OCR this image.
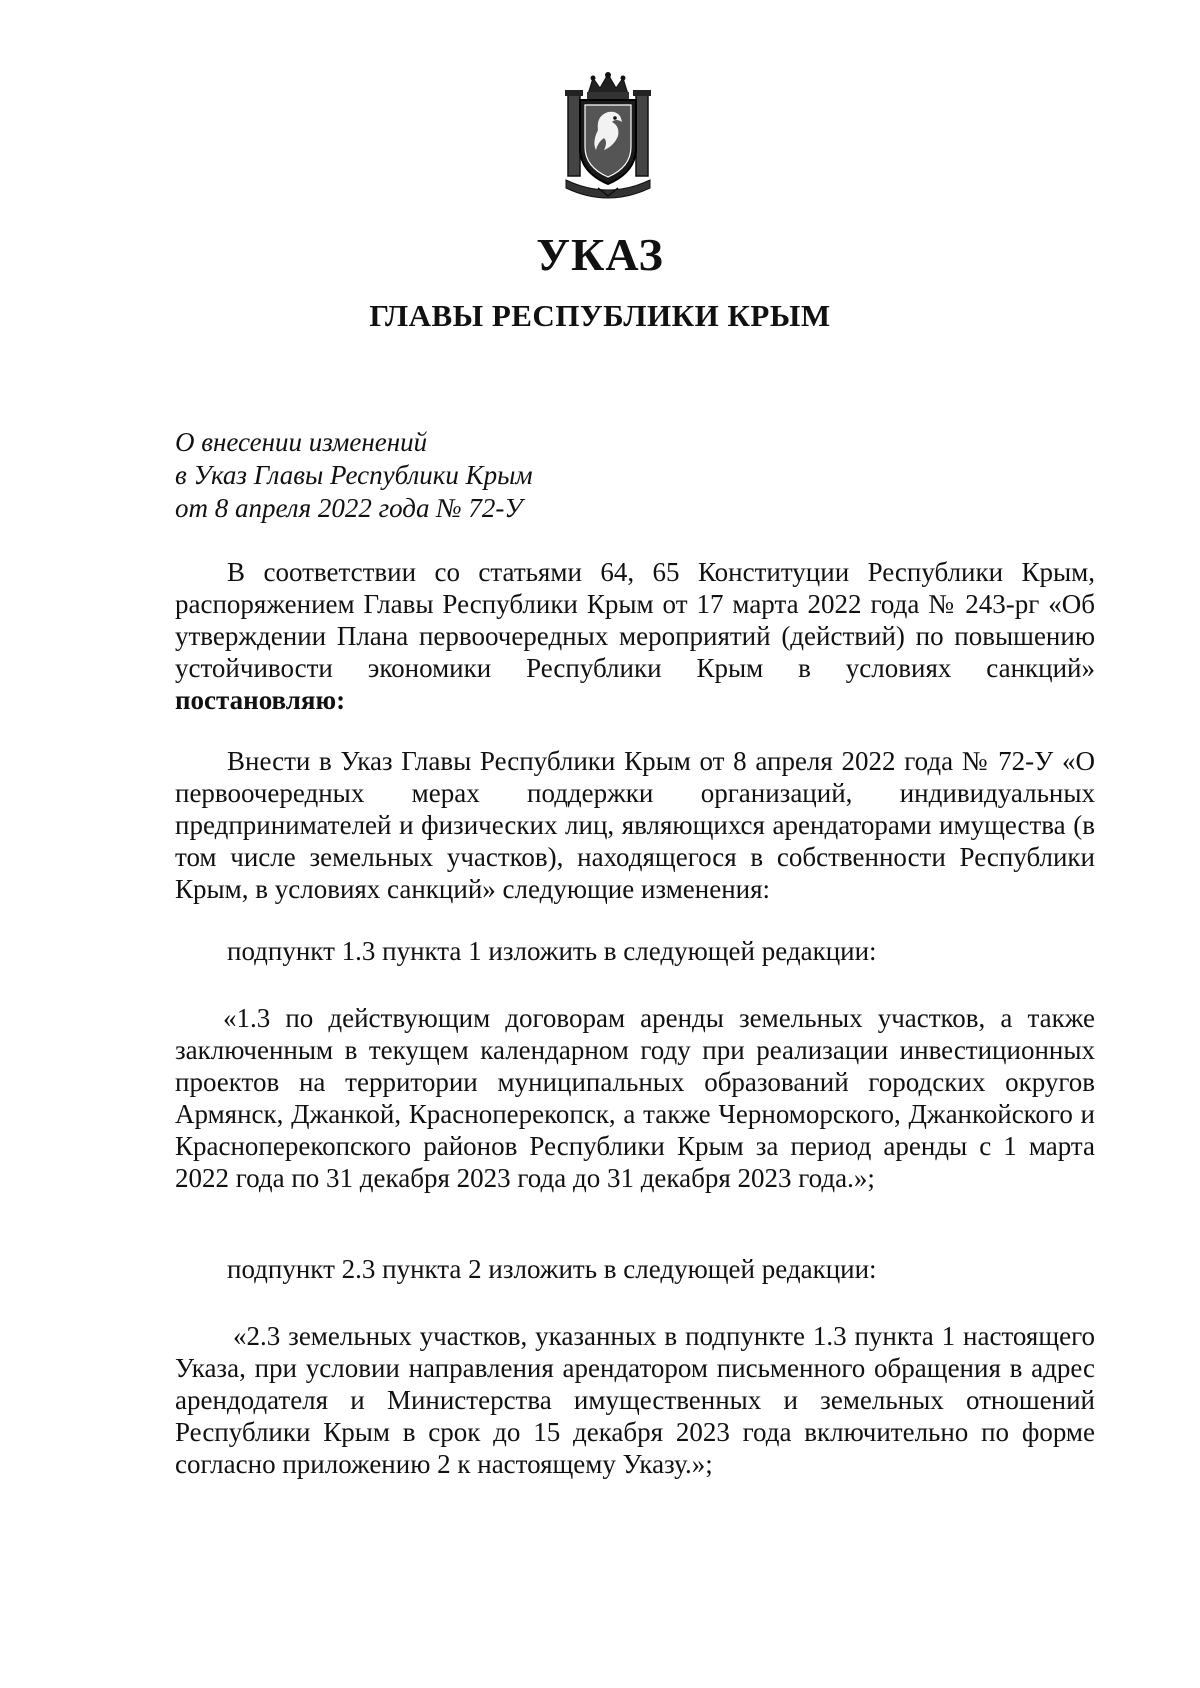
УКАЗ
ГЛАВЫ РЕСПУБЛИКИ КРЫМ
О внесении изменений
в Указ Главы Республики Крым
от 8 апреля 2022 года № 72-У

В соответствии со статьями 64, 65 Конституции Республики Крым, распоряжением Главы Республики Крым от 17 марта 2022 года № 243-рг «Об утверждении Плана первоочередных мероприятий (действий) по повышению устойчивости экономики Республики Крым в условиях санкций» постановляю:

Внести в Указ Главы Республики Крым от 8 апреля 2022 года № 72-У «О первоочередных мерах поддержки организаций, индивидуальных предпринимателей и физических лиц, являющихся арендаторами имущества (в том числе земельных участков), находящегося в собственности Республики Крым, в условиях санкций» следующие изменения:

подпункт 1.3 пункта 1 изложить в следующей редакции:

«1.3 по действующим договорам аренды земельных участков, а также заключенным в текущем календарном году при реализации инвестиционных проектов на территории муниципальных образований городских округов Армянск, Джанкой, Красноперекопск, а также Черноморского, Джанкойского и Красноперекопского районов Республики Крым за период аренды с 1 марта 2022 года по 31 декабря 2023 года до 31 декабря 2023 года.»;

подпункт 2.3 пункта 2 изложить в следующей редакции:

«2.3 земельных участков, указанных в подпункте 1.3 пункта 1 настоящего Указа, при условии направления арендатором письменного обращения в адрес арендодателя и Министерства имущественных и земельных отношений Республики Крым в срок до 15 декабря 2023 года включительно по форме согласно приложению 2 к настоящему Указу.»;
